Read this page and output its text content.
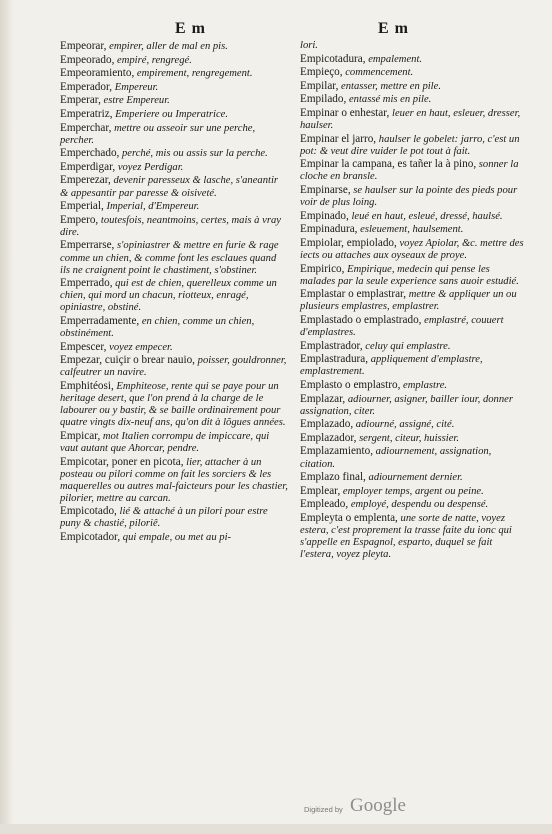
E m	E m
Empeorar, empirer, aller de mal en pis.
Empeorado, empiré, rengregé.
Empeoramiento, empirement, rengregement.
Emperador, Empereur.
Emperar, estre Empereur.
Emperatriz, Emperiere ou Imperatrice.
Emperchar, mettre ou asseoir sur une perche, percher.
Emperchado, perché, mis ou assis sur la perche.
Emperdigar, voyez Perdigar.
Emperezar, devenir paresseux & lasche, s'aneantir & appesantir par paresse & oisiveté.
Emperial, Imperial, d'Empereur.
Empero, toutesfois, neantmoins, certes, mais à vray dire.
Emperrarse, s'opiniastrer & mettre en furie & rage comme un chien, & comme font les esclaues quand ils ne craignent point le chastiment, s'obstiner.
Emperrado, qui est de chien, querelleux comme un chien, qui mord un chacun, riotteux, enragé, opiniastre, obstiné.
Emperradamente, en chien, comme un chien, obstinément.
Empescer, voyez empecer.
Empezar, cuiçir o brear nauio, poisser, gouldronner, calfeutrer un navire.
Emphitéosi, Emphiteose, rente qui se paye pour un heritage desert, que l'on prend à la charge de le labourer ou y bastir, & se baille ordinairement pour quatre vingts dix-neuf ans, qu'on dit à lõgues années.
Empicar, mot Italien corrompu de impiccare, qui vaut autant que Ahorcar, pendre.
Empicotar, poner en picota, lier, attacher à un posteau ou pilori comme on fait les sorciers & les maquerelles ou autres mal-faicteurs pour les chastier, pilorier, mettre au carcan.
Empicotado, lié & attaché à un pilori pour estre puny & chastié, piloriê.
Empicotador, qui empale, ou met au pi-
lori.
Empicotadura, empalement.
Empieço, commencement.
Empilar, entasser, mettre en pile.
Empilado, entassé mis en pile.
Empinar o enhestar, leuer en haut, esleuer, dresser, haulser.
Empinar el jarro, haulser le gobelet: jarro, c'est un pot: & veut dire vuider le pot tout à fait.
Empinar la campana, es tañer la à pino, sonner la cloche en bransle.
Empinarse, se haulser sur la pointe des pieds pour voir de plus loing.
Empinado, leué en haut, esleué, dressé, haulsé.
Empinadura, esleuement, haulsement.
Empiolar, empiolado, voyez Apiolar, &c. mettre des iects ou attaches aux oyseaux de proye.
Empirico, Empirique, medecin qui pense les malades par la seule experience sans auoir estudié.
Emplastar o emplastrar, mettre & appliquer un ou plusieurs emplastres, emplastrer.
Emplastado o emplastrado, emplastré, couuert d'emplastres.
Emplastrador, celuy qui emplastre.
Emplastradura, appliquement d'emplastre, emplastrement.
Emplasto o emplastro, emplastre.
Emplazar, adiourner, asigner, bailler iour, donner assignation, citer.
Emplazado, adiourné, assigné, cité.
Emplazador, sergent, citeur, huissier.
Emplazamiento, adiournement, assignation, citation.
Emplazo final, adiournement dernier.
Emplear, employer temps, argent ou peine.
Empleado, employé, despendu ou despensé.
Empleyta o emplenta, une sorte de natte, voyez estera, c'est proprement la trasse faite du ionc qui s'appelle en Espagnol, esparto, duquel se fait l'estera, voyez pleyta.
Digitized by Google
